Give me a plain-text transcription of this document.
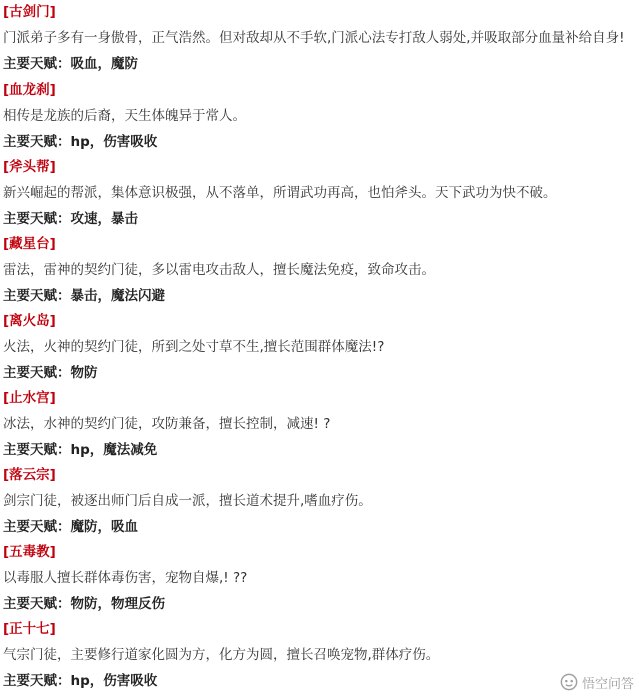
[古剑门]
门派弟子多有一身傲骨，正气浩然。但对敌却从不手软,门派心法专打敌人弱处,并吸取部分血量补给自身!
主要天赋：吸血，魔防
[血龙刹]
相传是龙族的后裔，天生体魄异于常人。
主要天赋：hp，伤害吸收
[斧头帮]
新兴崛起的帮派，集体意识极强，从不落单，所谓武功再高，也怕斧头。天下武功为快不破。
主要天赋：攻速，暴击
[藏星台]
雷法，雷神的契约门徒，多以雷电攻击敌人，擅长魔法免疫，致命攻击。
主要天赋：暴击，魔法闪避
[离火岛]
火法，火神的契约门徒，所到之处寸草不生,擅长范围群体魔法!?
主要天赋：物防
[止水宫]
冰法，水神的契约门徒，攻防兼备，擅长控制，减速! ?
主要天赋：hp，魔法减免
[落云宗]
剑宗门徒，被逐出师门后自成一派，擅长道术提升,嗜血疗伤。
主要天赋：魔防，吸血
[五毒教]
以毒服人擅长群体毒伤害，宠物自爆,! ??
主要天赋：物防，物理反伤
[正十七]
气宗门徒，主要修行道家化圆为方，化方为圆，擅长召唤宠物,群体疗伤。
主要天赋：hp，伤害吸收	悟空问答
